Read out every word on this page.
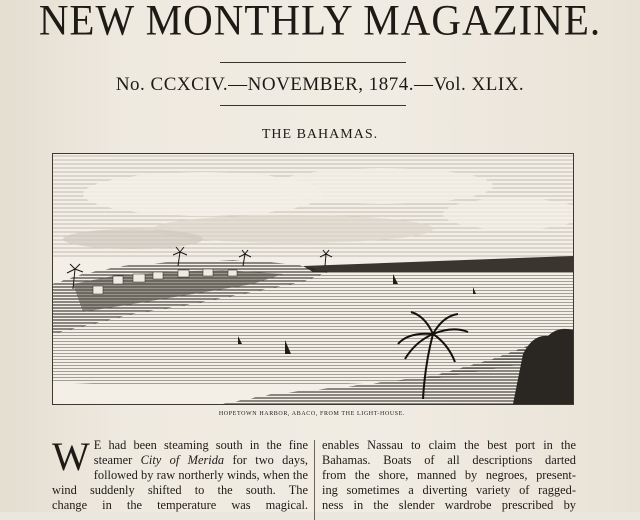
NEW MONTHLY MAGAZINE.
No. CCXCIV.—NOVEMBER, 1874.—Vol. XLIX.
THE BAHAMAS.
HOPETOWN HARBOR, ABACO, FROM THE LIGHT-HOUSE.
W E had been steaming south in the fine
steamer City of Merida for two days,
followed by raw northerly winds, when the
wind suddenly shifted to the south. The
change in the temperature was magical.
enables Nassau to claim the best port in the
Bahamas. Boats of all descriptions darted
from the shore, manned by negroes, present-
ing sometimes a diverting variety of ragged-
ness in the slender wardrobe prescribed by
